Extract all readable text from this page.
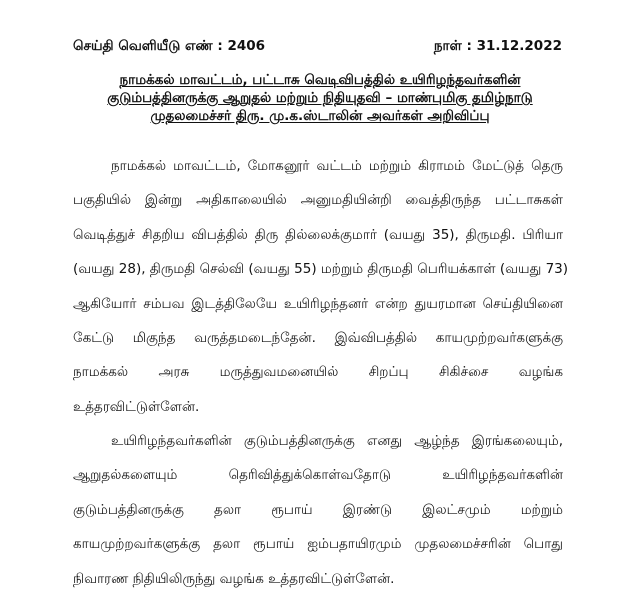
செய்தி வெளியீடு எண் : 2406	நாள் : 31.12.2022
நாமக்கல் மாவட்டம், பட்டாசு வெடிவிபத்தில் உயிரிழந்தவர்களின்
குடும்பத்தினருக்கு ஆறுதல் மற்றும் நிதியுதவி – மாண்புமிகு தமிழ்நாடு
முதலமைச்சர் திரு. மு.க.ஸ்டாலின் அவர்கள் அறிவிப்பு
நாமக்கல் மாவட்டம், மோகனூர் வட்டம் மற்றும் கிராமம் மேட்டுத் தெரு
பகுதியில் இன்று அதிகாலையில் அனுமதியின்றி வைத்திருந்த பட்டாசுகள்
வெடித்துச் சிதறிய விபத்தில் திரு தில்லைக்குமார் (வயது 35), திருமதி. பிரியா
(வயது 28), திருமதி செல்வி (வயது 55) மற்றும் திருமதி பெரியக்காள் (வயது 73)
ஆகியோர் சம்பவ இடத்திலேயே உயிரிழந்தனர் என்ற துயரமான செய்தியினை
கேட்டு மிகுந்த வருத்தமடைந்தேன். இவ்விபத்தில் காயமுற்றவர்களுக்கு
நாமக்கல் அரசு மருத்துவமனையில் சிறப்பு சிகிச்சை வழங்க
உத்தரவிட்டுள்ளேன்.
உயிரிழந்தவர்களின் குடும்பத்தினருக்கு எனது ஆழ்ந்த இரங்கலையும்,
ஆறுதல்களையும் தெரிவித்துக்கொள்வதோடு உயிரிழந்தவர்களின்
குடும்பத்தினருக்கு தலா ரூபாய் இரண்டு இலட்சமும் மற்றும்
காயமுற்றவர்களுக்கு தலா ரூபாய் ஐம்பதாயிரமும் முதலமைச்சரின் பொது
நிவாரண நிதியிலிருந்து வழங்க உத்தரவிட்டுள்ளேன்.
